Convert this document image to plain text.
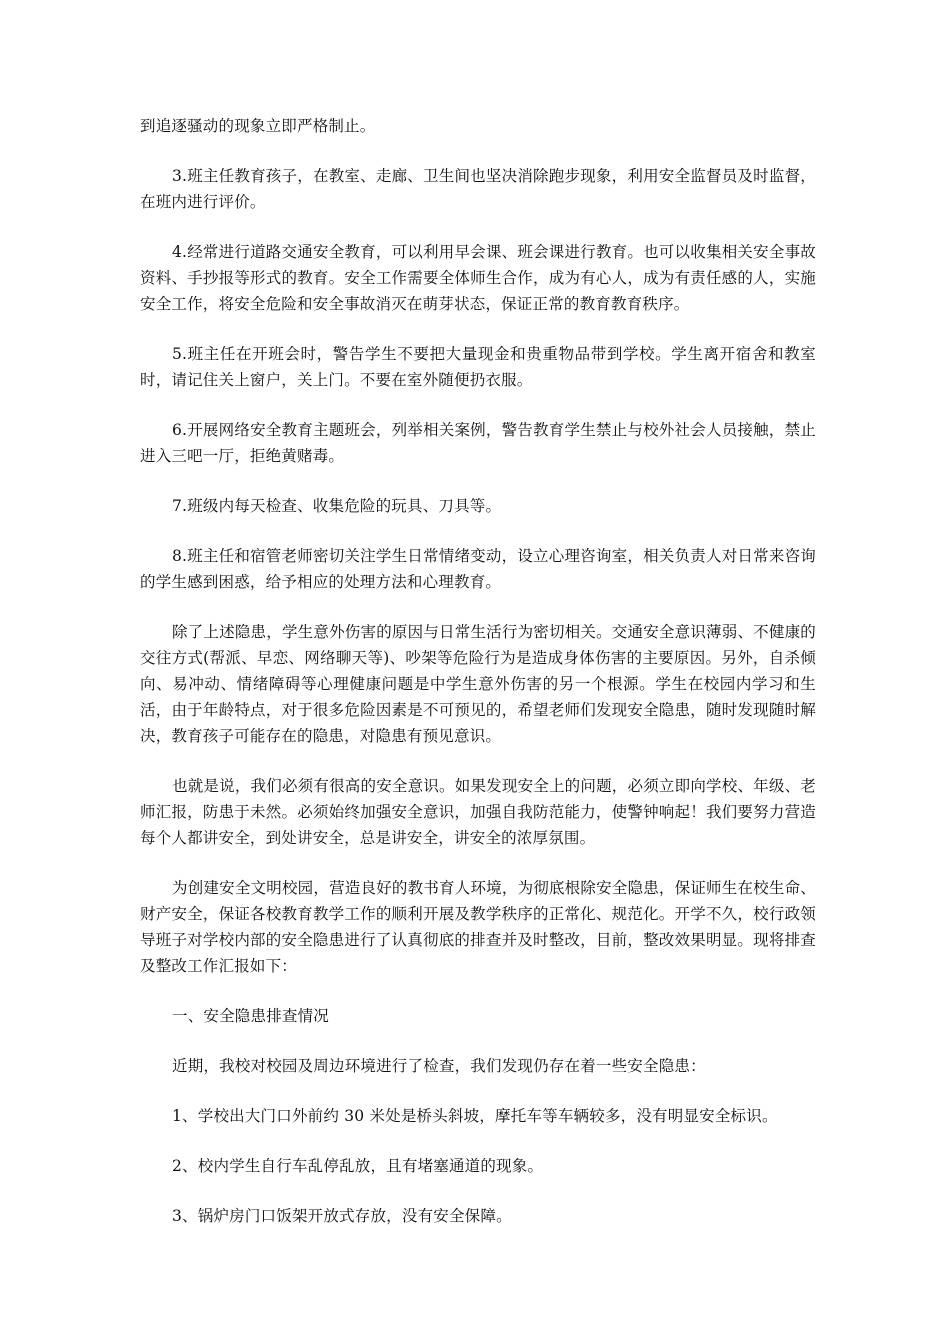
到追逐骚动的现象立即严格制止。

3.班主任教育孩子，在教室、走廊、卫生间也坚决消除跑步现象，利用安全监督员及时监督，在班内进行评价。

4.经常进行道路交通安全教育，可以利用早会课、班会课进行教育。也可以收集相关安全事故资料、手抄报等形式的教育。安全工作需要全体师生合作，成为有心人，成为有责任感的人，实施安全工作，将安全危险和安全事故消灭在萌芽状态，保证正常的教育教育秩序。

5.班主任在开班会时，警告学生不要把大量现金和贵重物品带到学校。学生离开宿舍和教室时，请记住关上窗户，关上门。不要在室外随便扔衣服。

6.开展网络安全教育主题班会，列举相关案例，警告教育学生禁止与校外社会人员接触，禁止进入三吧一厅，拒绝黄赌毒。

7.班级内每天检查、收集危险的玩具、刀具等。

8.班主任和宿管老师密切关注学生日常情绪变动，设立心理咨询室，相关负责人对日常来咨询的学生感到困惑，给予相应的处理方法和心理教育。

除了上述隐患，学生意外伤害的原因与日常生活行为密切相关。交通安全意识薄弱、不健康的交往方式(帮派、早恋、网络聊天等)、吵架等危险行为是造成身体伤害的主要原因。另外，自杀倾向、易冲动、情绪障碍等心理健康问题是中学生意外伤害的另一个根源。学生在校园内学习和生活，由于年龄特点，对于很多危险因素是不可预见的，希望老师们发现安全隐患，随时发现随时解决，教育孩子可能存在的隐患，对隐患有预见意识。

也就是说，我们必须有很高的安全意识。如果发现安全上的问题，必须立即向学校、年级、老师汇报，防患于未然。必须始终加强安全意识，加强自我防范能力，使警钟响起！我们要努力营造每个人都讲安全，到处讲安全，总是讲安全，讲安全的浓厚氛围。

为创建安全文明校园，营造良好的教书育人环境，为彻底根除安全隐患，保证师生在校生命、财产安全，保证各校教育教学工作的顺利开展及教学秩序的正常化、规范化。开学不久，校行政领导班子对学校内部的安全隐患进行了认真彻底的排查并及时整改，目前，整改效果明显。现将排查及整改工作汇报如下：

一、安全隐患排查情况

近期，我校对校园及周边环境进行了检查，我们发现仍存在着一些安全隐患：

1、学校出大门口外前约 30 米处是桥头斜坡，摩托车等车辆较多，没有明显安全标识。

2、校内学生自行车乱停乱放，且有堵塞通道的现象。

3、锅炉房门口饭架开放式存放，没有安全保障。
